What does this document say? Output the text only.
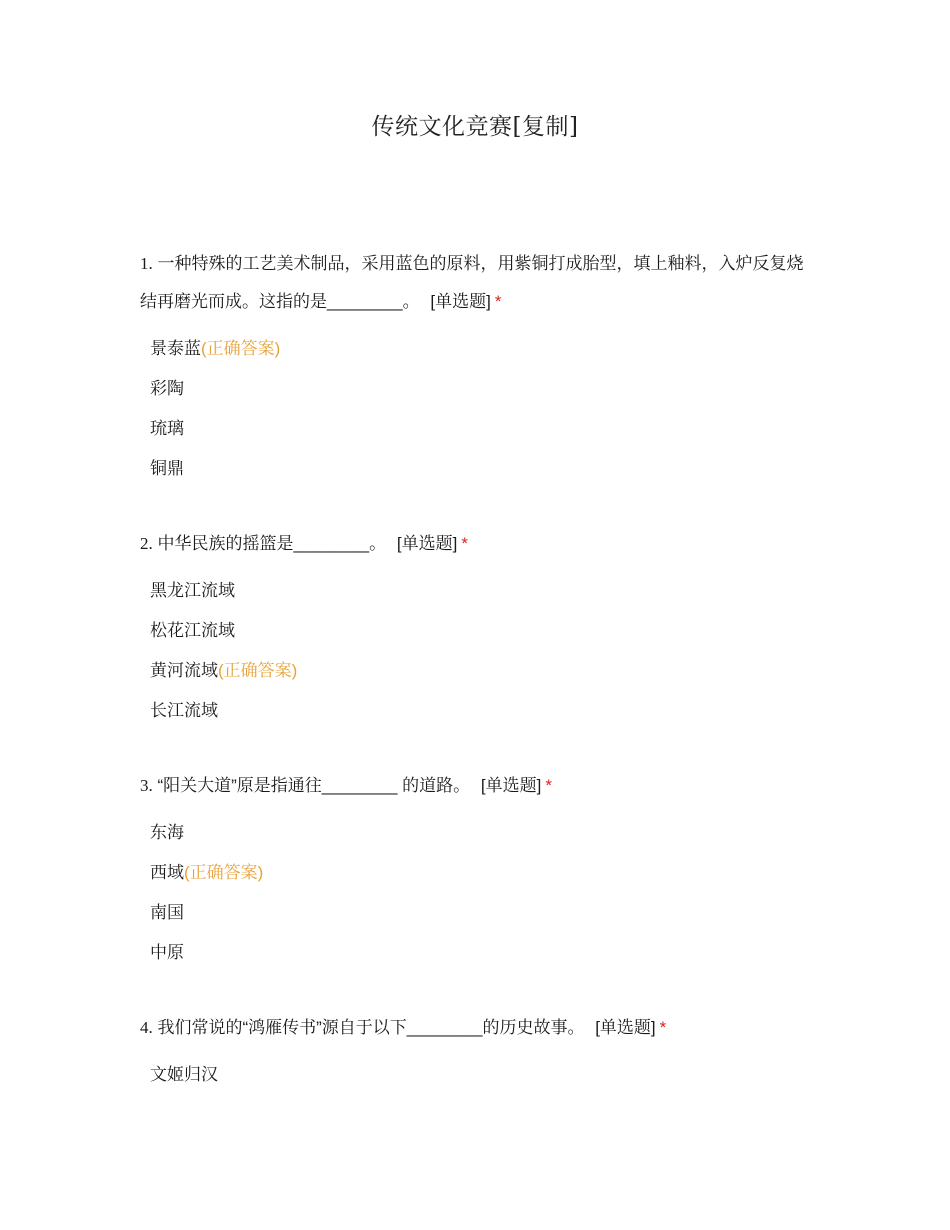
传统文化竞赛[复制]
1. 一种特殊的工艺美术制品，采用蓝色的原料，用紫铜打成胎型，填上釉料，入炉反复烧结再磨光而成。这指的是________。 [单选题] *
景泰蓝(正确答案)
彩陶
琉璃
铜鼎
2. 中华民族的摇篮是________。 [单选题] *
黑龙江流域
松花江流域
黄河流域(正确答案)
长江流域
3. “阳关大道”原是指通往________ 的道路。 [单选题] *
东海
西域(正确答案)
南国
中原
4. 我们常说的“鸿雁传书”源自于以下________的历史故事。 [单选题] *
文姬归汉
